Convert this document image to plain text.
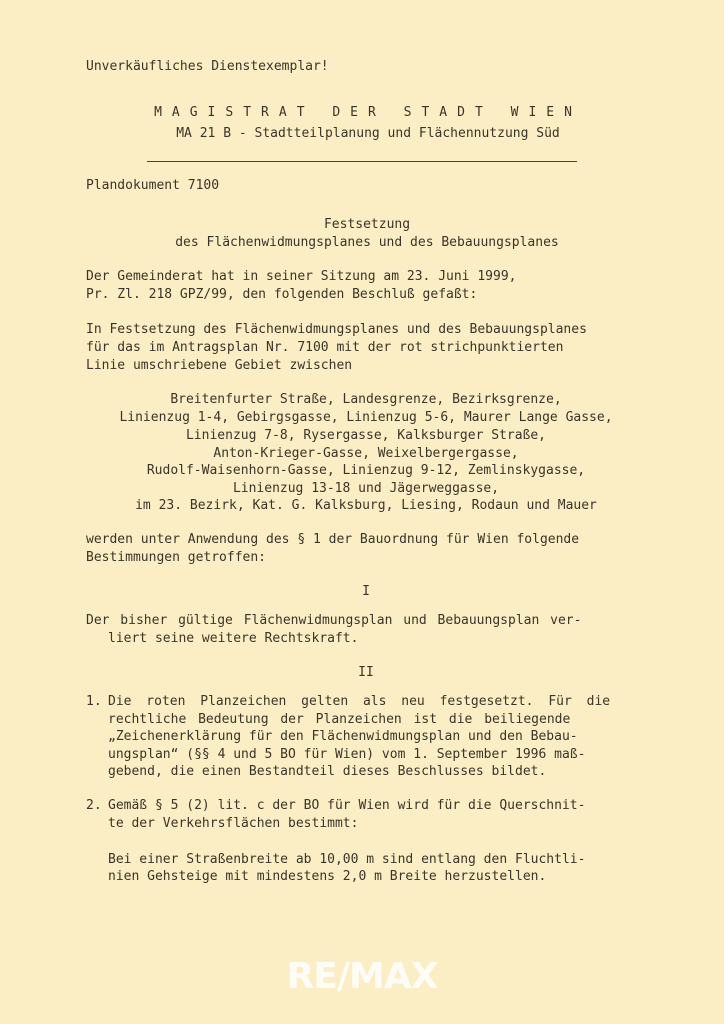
Unverkäufliches Dienstexemplar!
MAGISTRAT DER STADT WIEN
MA 21 B - Stadtteilplanung und Flächennutzung Süd
Plandokument 7100
Festsetzung
des Flächenwidmungsplanes und des Bebauungsplanes
Der Gemeinderat hat in seiner Sitzung am 23. Juni 1999,
Pr. Zl. 218 GPZ/99, den folgenden Beschluß gefaßt:
In Festsetzung des Flächenwidmungsplanes und des Bebauungsplanes
für das im Antragsplan Nr. 7100 mit der rot strichpunktierten
Linie umschriebene Gebiet zwischen
Breitenfurter Straße, Landesgrenze, Bezirksgrenze,
Linienzug 1-4, Gebirgsgasse, Linienzug 5-6, Maurer Lange Gasse,
Linienzug 7-8, Rysergasse, Kalksburger Straße,
Anton-Krieger-Gasse, Weixelbergergasse,
Rudolf-Waisenhorn-Gasse, Linienzug 9-12, Zemlinskygasse,
Linienzug 13-18 und Jägerweggasse,
im 23. Bezirk, Kat. G. Kalksburg, Liesing, Rodaun und Mauer
werden unter Anwendung des § 1 der Bauordnung für Wien folgende
Bestimmungen getroffen:
I
Der bisher gültige Flächenwidmungsplan und Bebauungsplan ver-
liert seine weitere Rechtskraft.
II
1. Die roten Planzeichen gelten als neu festgesetzt. Für die
rechtliche Bedeutung der Planzeichen ist die beiliegende
„Zeichenerklärung für den Flächenwidmungsplan und den Bebau-
ungsplan“ (§§ 4 und 5 BO für Wien) vom 1. September 1996 maß-
gebend, die einen Bestandteil dieses Beschlusses bildet.
2. Gemäß § 5 (2) lit. c der BO für Wien wird für die Querschnit-
te der Verkehrsflächen bestimmt:
Bei einer Straßenbreite ab 10,00 m sind entlang den Fluchtli-
nien Gehsteige mit mindestens 2,0 m Breite herzustellen.
RE/MAX
